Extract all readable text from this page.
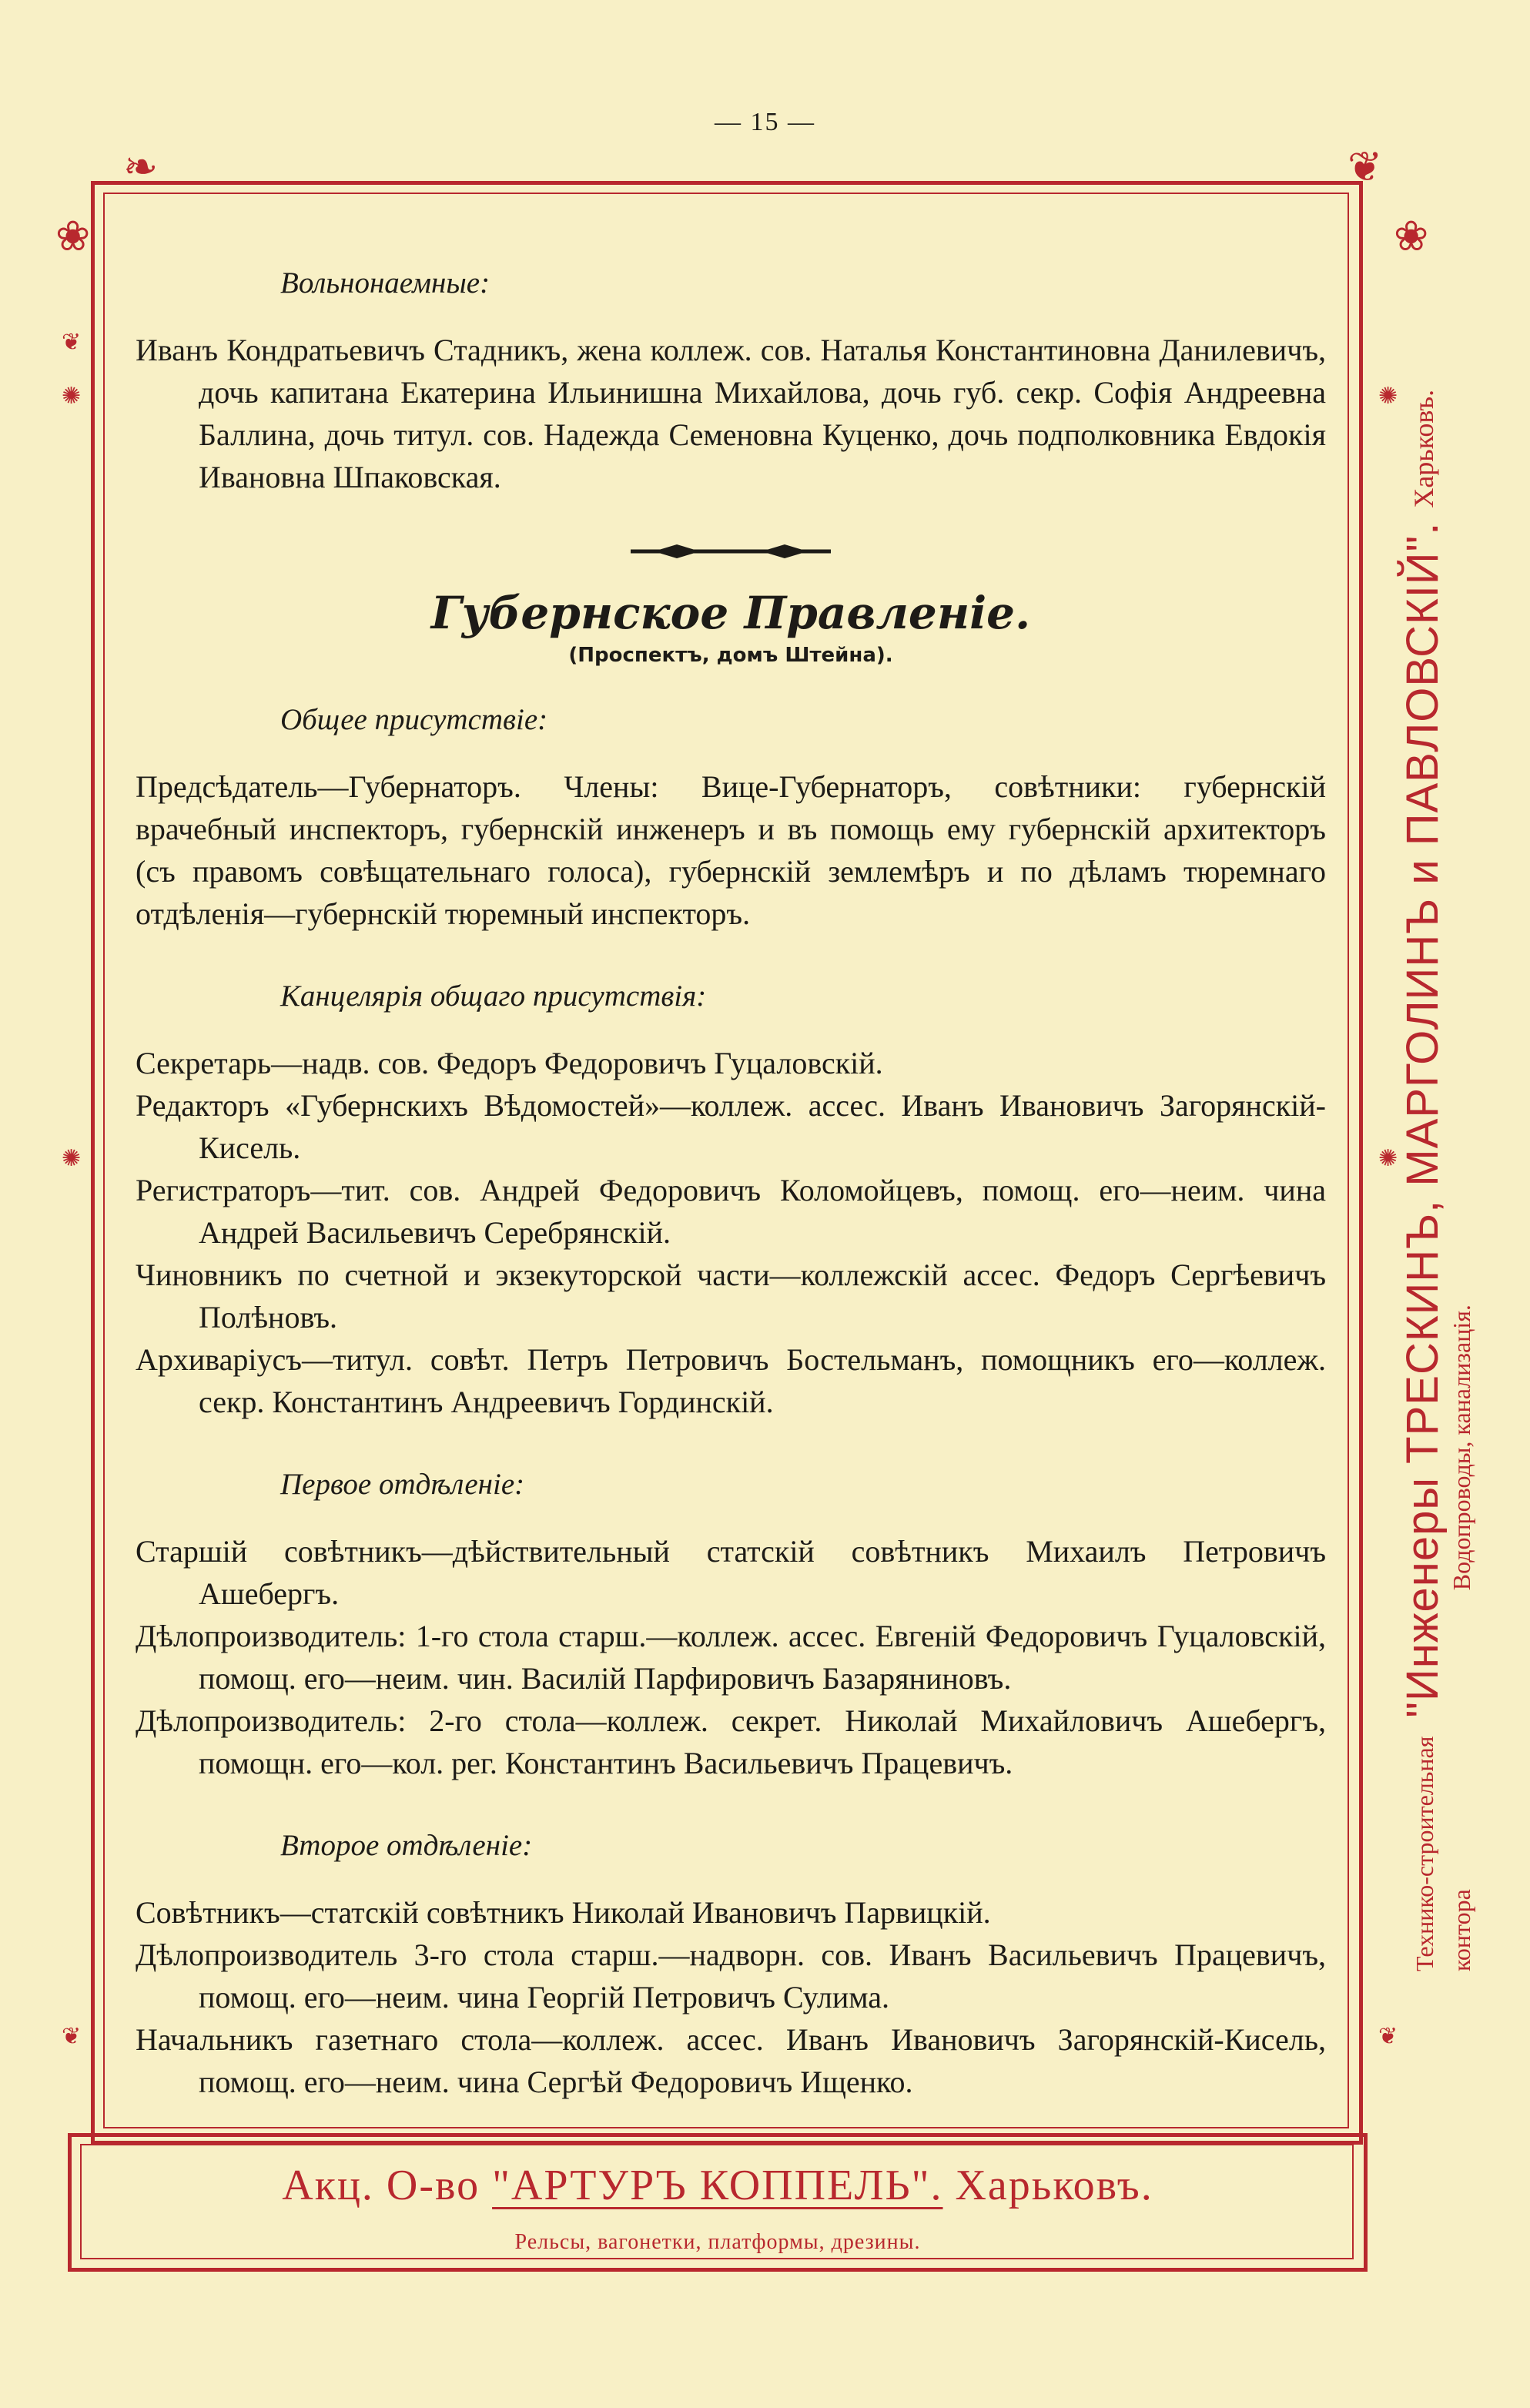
— 15 —
❀
❧	❦
❀
❦
✺
✺
❦
✺
✺
❦
Вольнонаемные:

Иванъ Кондратьевичъ Стадникъ, жена коллеж. сов. Наталья Константиновна Данилевичъ, дочь капитана Екатерина Ильинишна Михайлова, дочь губ. секр. Софія Андреевна Баллина, дочь титул. сов. Надежда Семеновна Куценко, дочь подполковника Евдокія Ивановна Шпаковская.

Губернское Правленіе.
(Проспектъ, домъ Штейна).
Общее присутствіе:

Предсѣдатель—Губернаторъ. Члены: Вице-Губернаторъ, совѣтники: губернскій врачебный инспекторъ, губернскій инженеръ и въ помощь ему губернскій архитекторъ (съ правомъ совѣщательнаго голоса), губернскій землемѣръ и по дѣламъ тюремнаго отдѣленія—губернскій тюремный инспекторъ.

Канцелярія общаго присутствія:

Секретарь—надв. сов. Федоръ Федоровичъ Гуцаловскій.

Редакторъ «Губернскихъ Вѣдомостей»—коллеж. ассес. Иванъ Ивановичъ Загорянскій-Кисель.

Регистраторъ—тит. сов. Андрей Федоровичъ Коломойцевъ, помощ. его—неим. чина Андрей Васильевичъ Серебрянскій.

Чиновникъ по счетной и экзекуторской части—коллежскій ассес. Федоръ Сергѣевичъ Полѣновъ.

Архиваріусъ—титул. совѣт. Петръ Петровичъ Бостельманъ, помощникъ его—коллеж. секр. Константинъ Андреевичъ Гординскій.

Первое отдѣленіе:

Старшій совѣтникъ—дѣйствительный статскій совѣтникъ Михаилъ Петровичъ Ашебергъ.

Дѣлопроизводитель: 1-го стола старш.—коллеж. ассес. Евгеній Федоровичъ Гуцаловскій, помощ. его—неим. чин. Василій Парфировичъ Базаряниновъ.

Дѣлопроизводитель: 2-го стола—коллеж. секрет. Николай Михайловичъ Ашебергъ, помощн. его—кол. рег. Константинъ Васильевичъ Працевичъ.

Второе отдѣленіе:

Совѣтникъ—статскій совѣтникъ Николай Ивановичъ Парвицкій.

Дѣлопроизводитель 3-го стола старш.—надворн. сов. Иванъ Васильевичъ Працевичъ, помощ. его—неим. чина Георгій Петровичъ Сулима.

Начальникъ газетнаго стола—коллеж. ассес. Иванъ Ивановичъ Загорянскій-Кисель, помощ. его—неим. чина Сергѣй Федоровичъ Ищенко.

Технико-строительная "Инженеры ТРЕСКИНЪ, МАРГОЛИНЪ и ПАВЛОВСКІЙ". Харьковъ.
контора Водопроводы, канализація.
Акц. О-во "АРТУРЪ КОППЕЛЬ". Харьковъ.
Рельсы, вагонетки, платформы, дрезины.
